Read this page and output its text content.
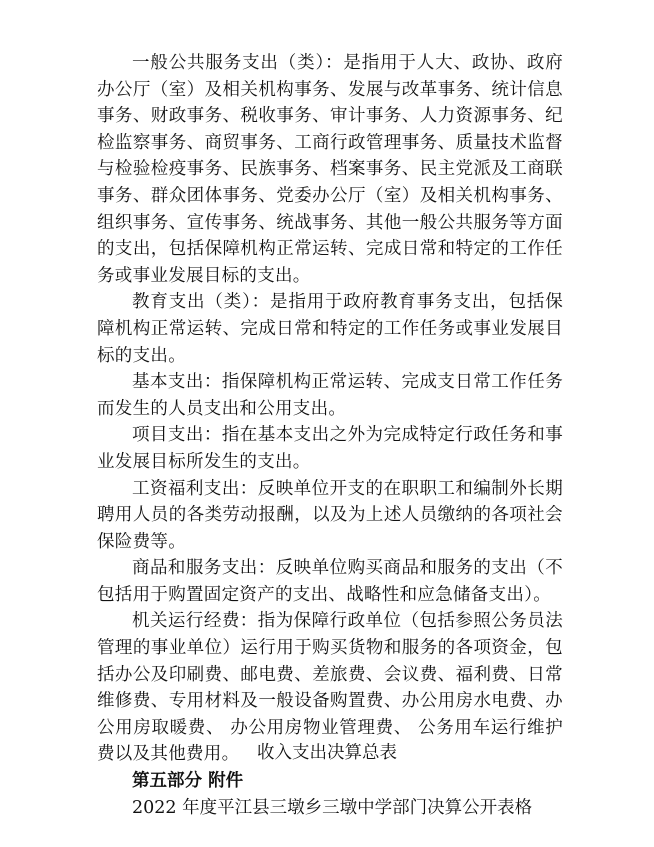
一般公共服务支出（类）：是指用于人大、政协、政府办公厅（室）及相关机构事务、发展与改革事务、统计信息事务、财政事务、税收事务、审计事务、人力资源事务、纪检监察事务、商贸事务、工商行政管理事务、质量技术监督与检验检疫事务、民族事务、档案事务、民主党派及工商联事务、群众团体事务、党委办公厅（室）及相关机构事务、组织事务、宣传事务、统战事务、其他一般公共服务等方面的支出，包括保障机构正常运转、完成日常和特定的工作任务或事业发展目标的支出。

教育支出（类）：是指用于政府教育事务支出，包括保障机构正常运转、完成日常和特定的工作任务或事业发展目标的支出。

基本支出：指保障机构正常运转、完成支日常工作任务而发生的人员支出和公用支出。

项目支出：指在基本支出之外为完成特定行政任务和事业发展目标所发生的支出。

工资福利支出：反映单位开支的在职职工和编制外长期聘用人员的各类劳动报酬，以及为上述人员缴纳的各项社会保险费等。

商品和服务支出：反映单位购买商品和服务的支出（不包括用于购置固定资产的支出、战略性和应急储备支出）。

机关运行经费：指为保障行政单位（包括参照公务员法管理的事业单位）运行用于购买货物和服务的各项资金，包括办公及印刷费、邮电费、差旅费、会议费、福利费、日常维修费、专用材料及一般设备购置费、办公用房水电费、办公用房取暖费、 办公用房物业管理费、 公务用车运行维护费以及其他费用。

第五部分 附件

2022 年度平江县三墩乡三墩中学部门决算公开表格

收入支出决算总表
